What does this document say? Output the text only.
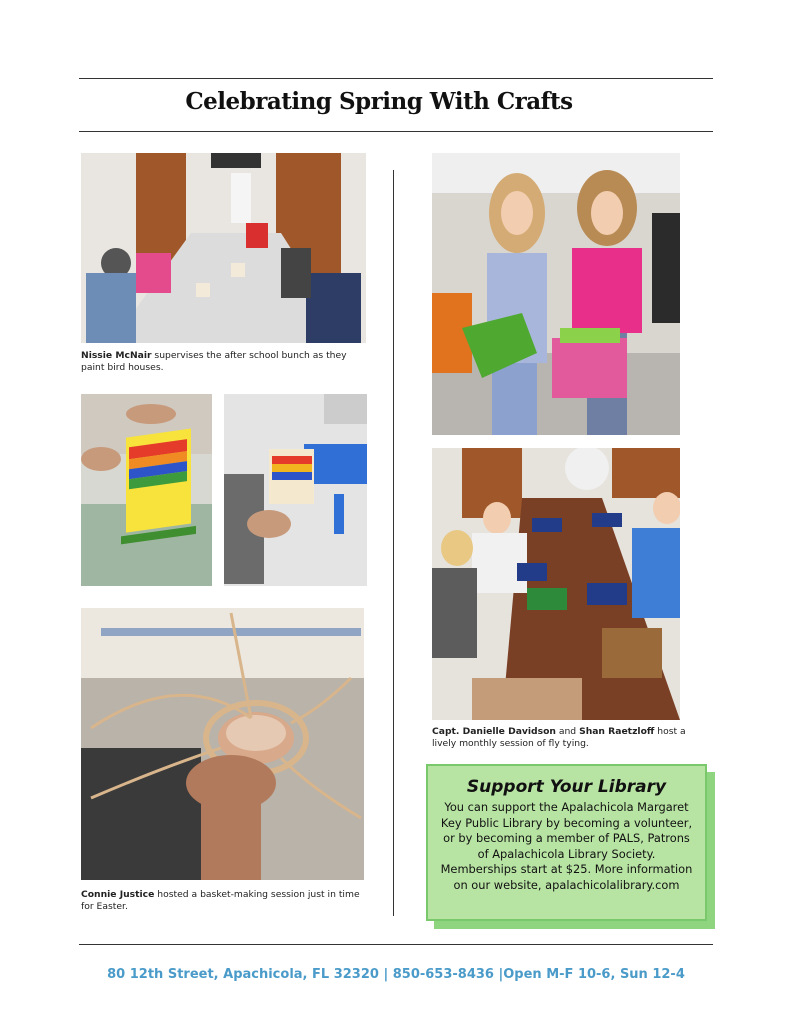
Celebrating Spring With Crafts
Nissie McNair supervises the after school bunch as they paint bird houses.
Connie Justice hosted a basket-making session just in time for Easter.
Capt. Danielle Davidson and Shan Raetzloff host a lively monthly session of fly tying.
Support Your Library

You can support the Apalachicola Margaret Key Public Library by becoming a volunteer, or by becoming a member of PALS, Patrons of Apalachicola Library Society. Memberships start at $25. More information on our website, apalachicolalibrary.com

80 12th Street, Apachicola, FL 32320 | 850-653-8436 |Open M-F 10-6, Sun 12-4
